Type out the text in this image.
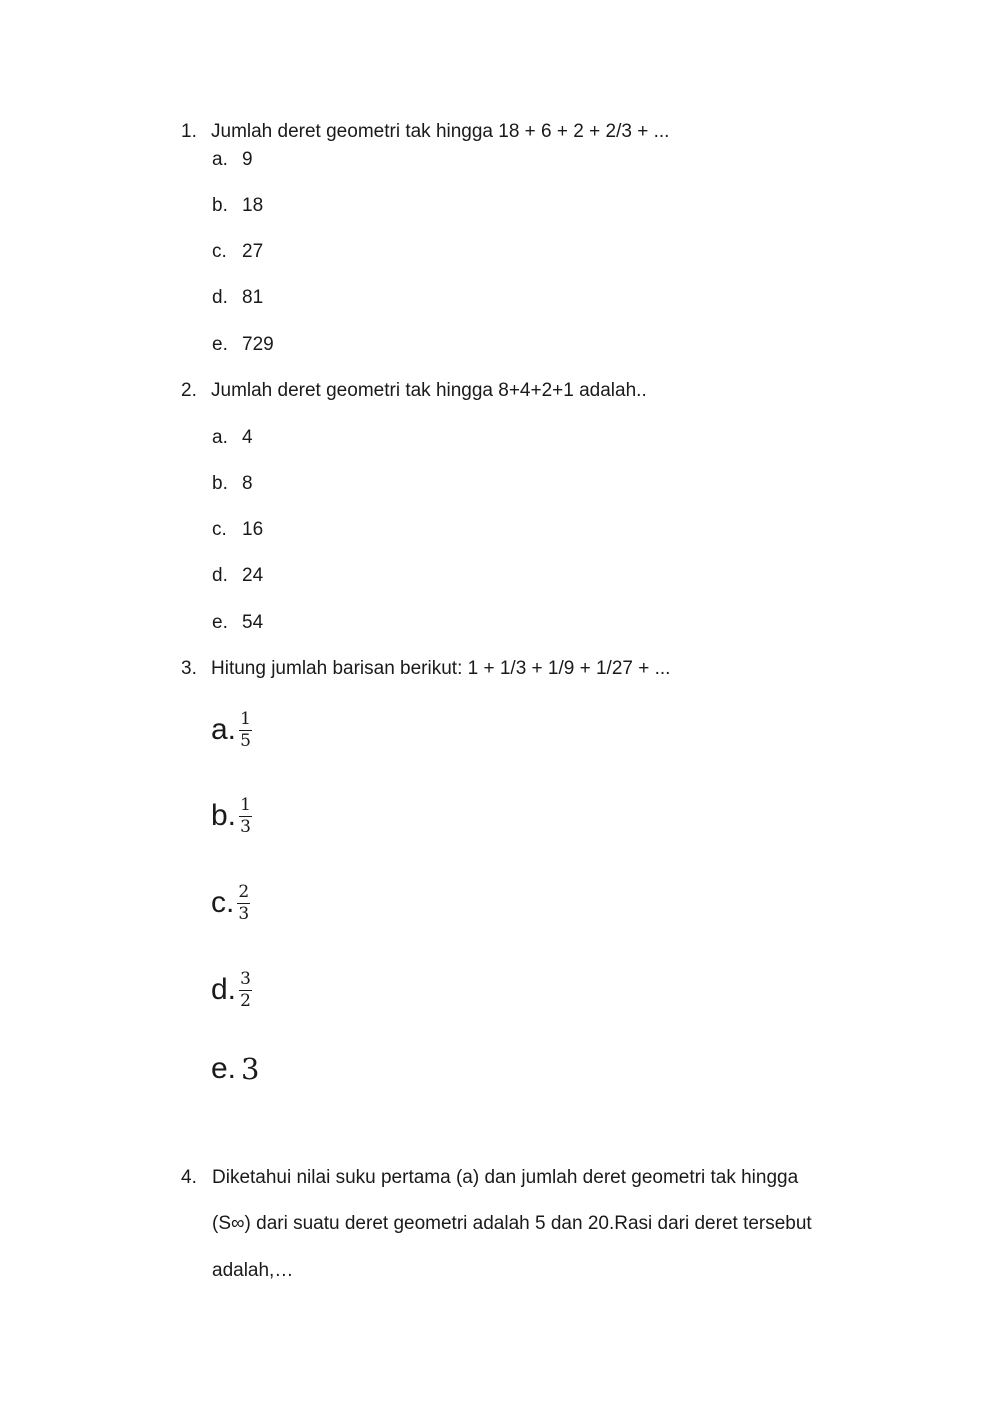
1. Jumlah deret geometri tak hingga 18 + 6 + 2 + 2/3 + ...
a. 9
b. 18
c. 27
d. 81
e. 729
2. Jumlah deret geometri tak hingga 8+4+2+1 adalah..
a. 4
b. 8
c. 16
d. 24
e. 54
3. Hitung jumlah barisan berikut: 1 + 1/3 + 1/9 + 1/27 + ...
a. $\frac{1}{5}$
b. $\frac{1}{3}$
c. $\frac{2}{3}$
d. $\frac{3}{2}$
e. 3
4. Diketahui nilai suku pertama (a) dan jumlah deret geometri tak hingga
(S∞) dari suatu deret geometri adalah 5 dan 20.Rasi dari deret tersebut
adalah,…
